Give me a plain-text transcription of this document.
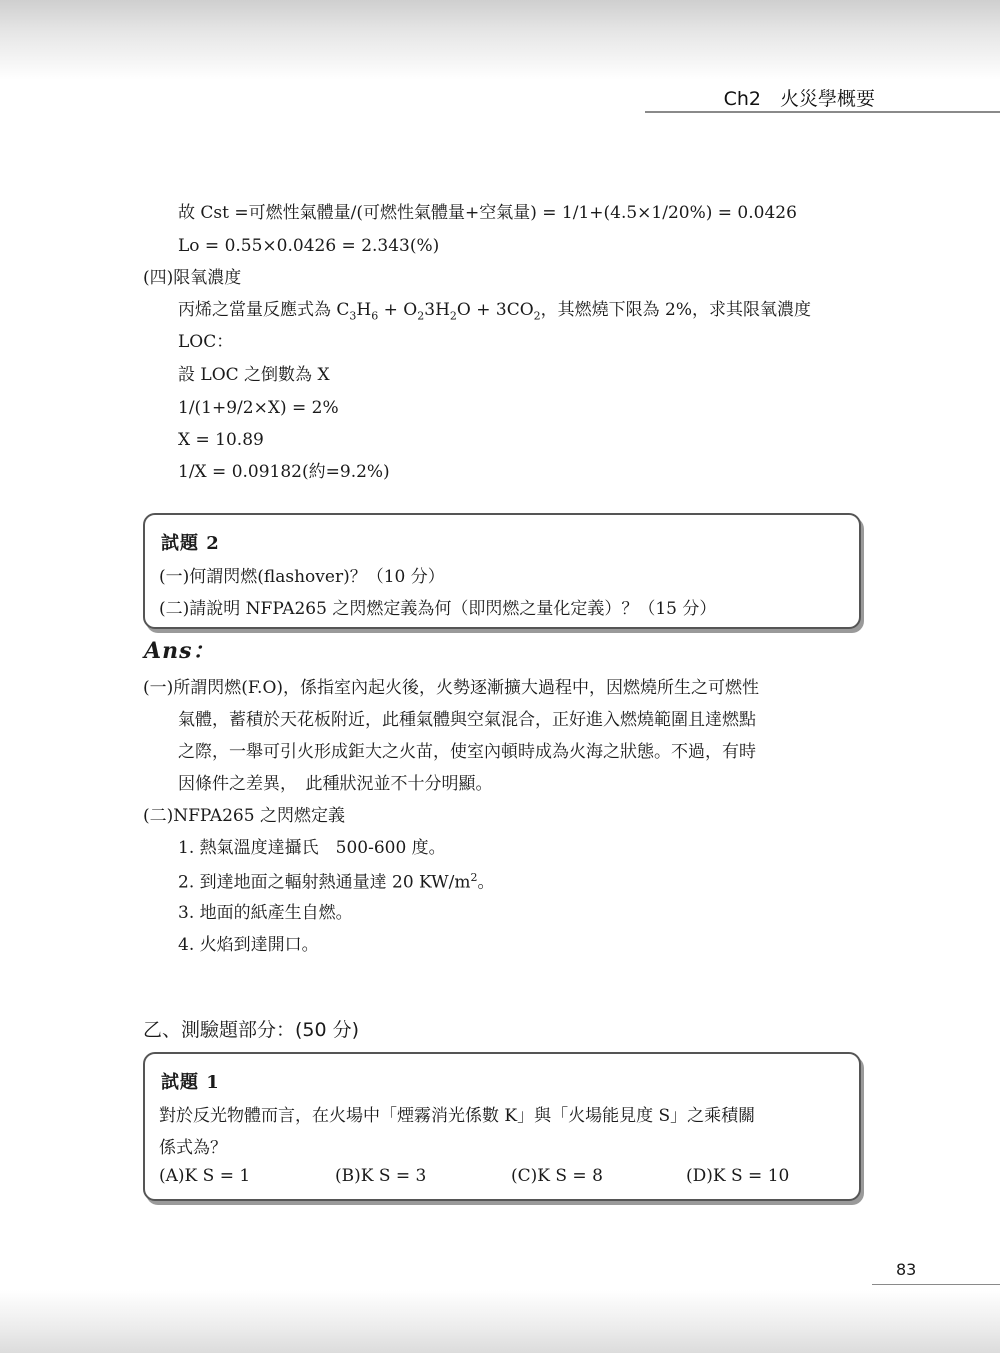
Ch2　火災學概要
故 Cst =可燃性氣體量/(可燃性氣體量+空氣量) = 1/1+(4.5×1/20%) = 0.0426
Lo = 0.55×0.0426 = 2.343(%)
(四)限氧濃度
丙烯之當量反應式為 $C_3H_6 + O_23H_2O + 3CO_2$，其燃燒下限為 2%，求其限氧濃度
LOC：
設 LOC 之倒數為 X
1/(1+9/2×X) = 2%
X = 10.89
1/X = 0.09182(約=9.2%)
試題 2
(一)何謂閃燃(flashover)？（10 分）
(二)請說明 NFPA265 之閃燃定義為何（即閃燃之量化定義）？（15 分）
Ans：
(一)所謂閃燃(F.O)，係指室內起火後，火勢逐漸擴大過程中，因燃燒所生之可燃性
氣體，蓄積於天花板附近，此種氣體與空氣混合，正好進入燃燒範圍且達燃點
之際，一舉可引火形成鉅大之火苗，使室內頓時成為火海之狀態。不過，有時
因條件之差異，　此種狀況並不十分明顯。
(二)NFPA265 之閃燃定義
1. 熱氣溫度達攝氏　500-600 度。
2. 到達地面之輻射熱通量達 20 $KW/m^2$。
3. 地面的紙產生自燃。
4. 火焰到達開口。
乙、測驗題部分：(50 分)
試題 1
對於反光物體而言，在火場中「煙霧消光係數 K」與「火場能見度 S」之乘積關
係式為？
(A)K S = 1	(B)K S = 3	(C)K S = 8	(D)K S = 10
83
